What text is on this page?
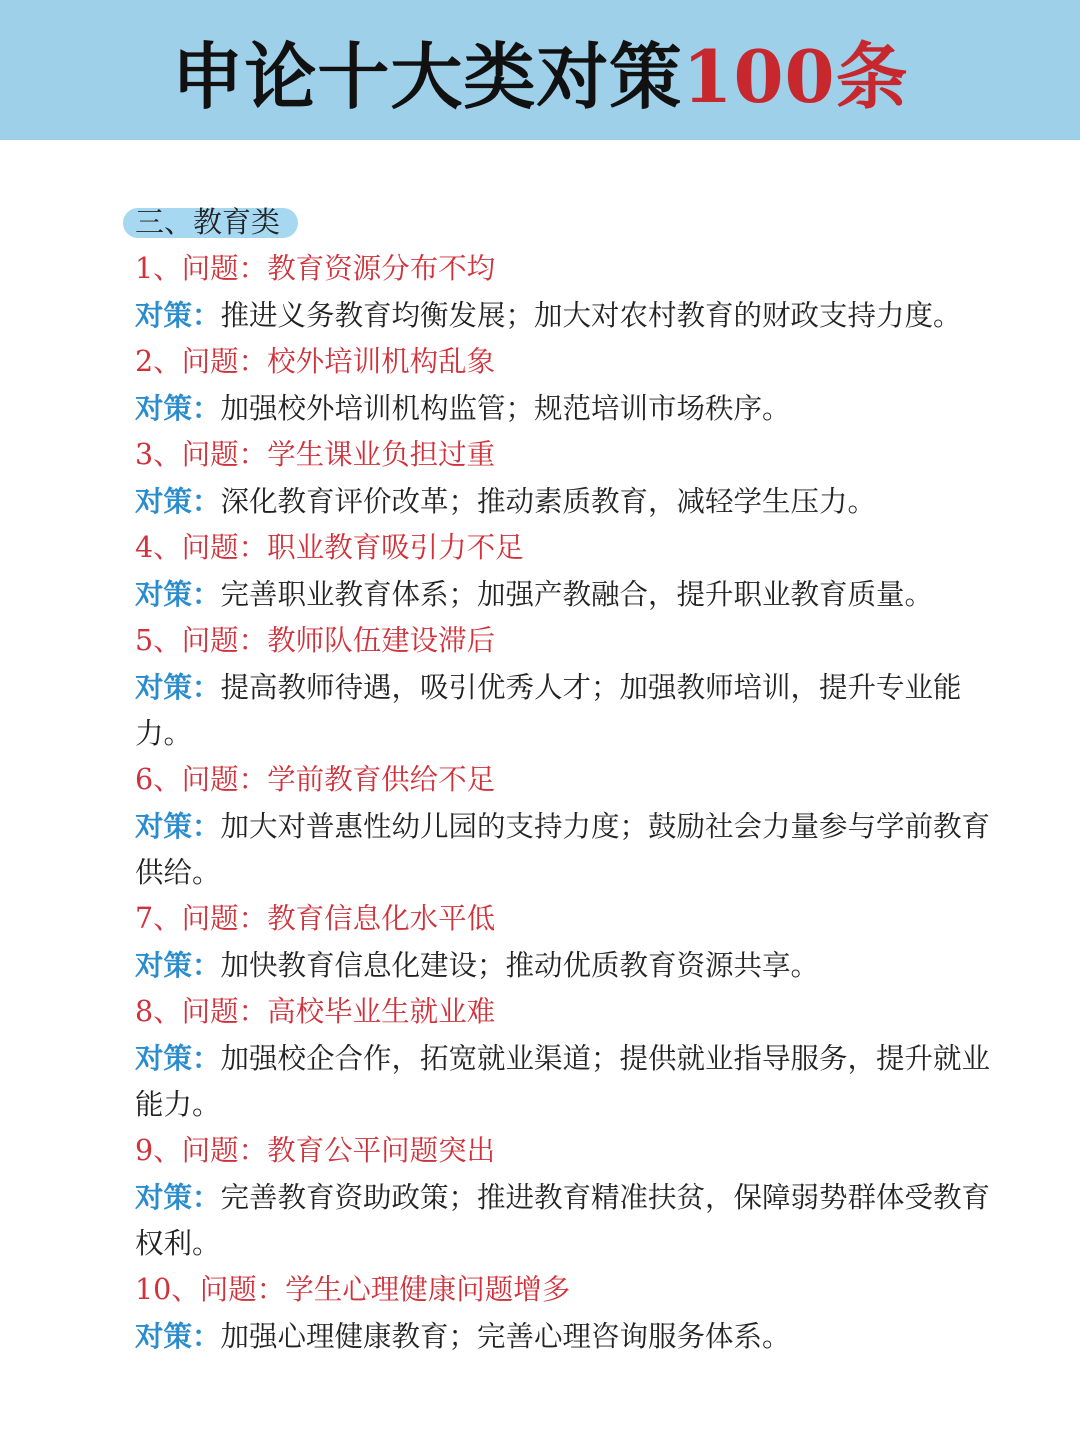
申论十大类对策100条
三、教育类
1、问题：教育资源分布不均
对策：推进义务教育均衡发展；加大对农村教育的财政支持力度。
2、问题：校外培训机构乱象
对策：加强校外培训机构监管；规范培训市场秩序。
3、问题：学生课业负担过重
对策：深化教育评价改革；推动素质教育，减轻学生压力。
4、问题：职业教育吸引力不足
对策：完善职业教育体系；加强产教融合，提升职业教育质量。
5、问题：教师队伍建设滞后
对策：提高教师待遇，吸引优秀人才；加强教师培训，提升专业能力。
6、问题：学前教育供给不足
对策：加大对普惠性幼儿园的支持力度；鼓励社会力量参与学前教育供给。
7、问题：教育信息化水平低
对策：加快教育信息化建设；推动优质教育资源共享。
8、问题：高校毕业生就业难
对策：加强校企合作，拓宽就业渠道；提供就业指导服务，提升就业能力。
9、问题：教育公平问题突出
对策：完善教育资助政策；推进教育精准扶贫，保障弱势群体受教育权利。
10、问题：学生心理健康问题增多
对策：加强心理健康教育；完善心理咨询服务体系。
